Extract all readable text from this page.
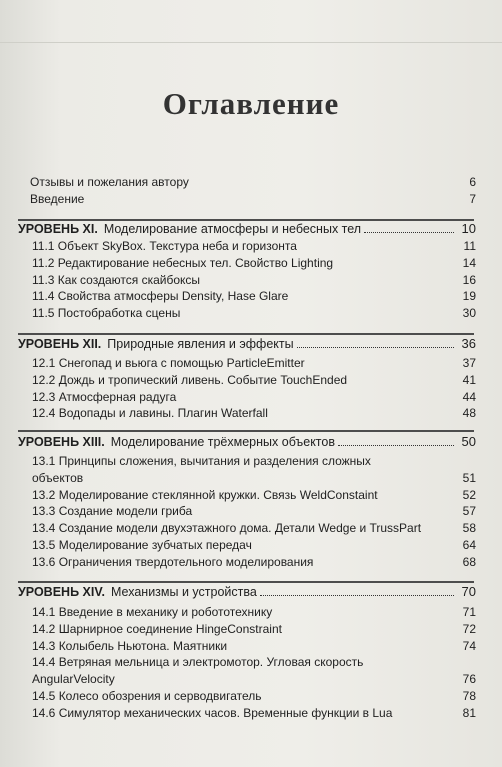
Оглавление
Отзывы и пожелания автору	6
Введение	7
УРОВЕНЬ XI. Моделирование атмосферы и небесных тел	10
11.1 Объект SkyBox. Текстура неба и горизонта	11
11.2 Редактирование небесных тел. Свойство Lighting	14
11.3 Как создаются скайбоксы	16
11.4 Свойства атмосферы Density, Hase Glare	19
11.5 Постобработка сцены	30
УРОВЕНЬ XII. Природные явления и эффекты	36
12.1 Снегопад и вьюга с помощью ParticleEmitter	37
12.2 Дождь и тропический ливень. Событие TouchEnded	41
12.3 Атмосферная радуга	44
12.4 Водопады и лавины. Плагин Waterfall	48
УРОВЕНЬ XIII. Моделирование трёхмерных объектов	50
13.1 Принципы сложения, вычитания и разделения сложных
объектов	51
13.2 Моделирование стеклянной кружки. Связь WeldConstaint	52
13.3 Создание модели гриба	57
13.4 Создание модели двухэтажного дома. Детали Wedge и TrussPart	58
13.5 Моделирование зубчатых передач	64
13.6 Ограничения твердотельного моделирования	68
УРОВЕНЬ XIV. Механизмы и устройства	70
14.1 Введение в механику и робототехнику	71
14.2 Шарнирное соединение HingeConstraint	72
14.3 Колыбель Ньютона. Маятники	74
14.4 Ветряная мельница и электромотор. Угловая скорость
AngularVelocity	76
14.5 Колесо обозрения и серводвигатель	78
14.6 Симулятор механических часов. Временные функции в Lua	81
